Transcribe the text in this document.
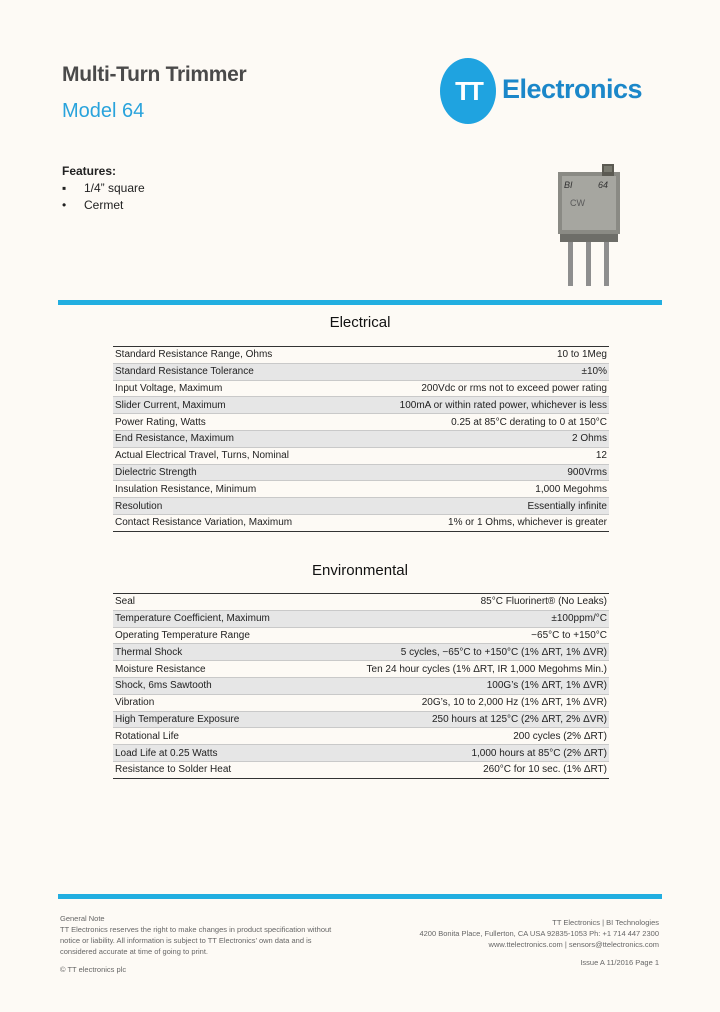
Multi-Turn Trimmer
Model 64
TT Electronics
Features:
▪ 1/4” square
• Cermet
BI	64
CW
Electrical
Standard Resistance Range, Ohms	10 to 1Meg
Standard Resistance Tolerance	±10%
Input Voltage, Maximum	200Vdc or rms not to exceed power rating
Slider Current, Maximum	100mA or within rated power, whichever is less
Power Rating, Watts	0.25 at 85°C derating to 0 at 150°C
End Resistance, Maximum	2 Ohms
Actual Electrical Travel, Turns, Nominal	12
Dielectric Strength	900Vrms
Insulation Resistance, Minimum	1,000 Megohms
Resolution	Essentially infinite
Contact Resistance Variation, Maximum	1% or 1 Ohms, whichever is greater
Environmental
Seal	85°C Fluorinert® (No Leaks)
Temperature Coefficient, Maximum	±100ppm/°C
Operating Temperature Range	−65°C to +150°C
Thermal Shock	5 cycles, −65°C to +150°C (1% ΔRT, 1% ΔVR)
Moisture Resistance	Ten 24 hour cycles (1% ΔRT, IR 1,000 Megohms Min.)
Shock, 6ms Sawtooth	100G’s (1% ΔRT, 1% ΔVR)
Vibration	20G’s, 10 to 2,000 Hz (1% ΔRT, 1% ΔVR)
High Temperature Exposure	250 hours at 125°C (2% ΔRT, 2% ΔVR)
Rotational Life	200 cycles (2% ΔRT)
Load Life at 0.25 Watts	1,000 hours at 85°C (2% ΔRT)
Resistance to Solder Heat	260°C for 10 sec. (1% ΔRT)
General Note
TT Electronics reserves the right to make changes in product specification without
notice or liability. All information is subject to TT Electronics’ own data and is
considered accurate at time of going to print.
© TT electronics plc
TT Electronics | BI Technologies
4200 Bonita Place, Fullerton, CA USA 92835-1053 Ph: +1 714 447 2300
www.ttelectronics.com | sensors@ttelectronics.com
Issue A 11/2016 Page 1
